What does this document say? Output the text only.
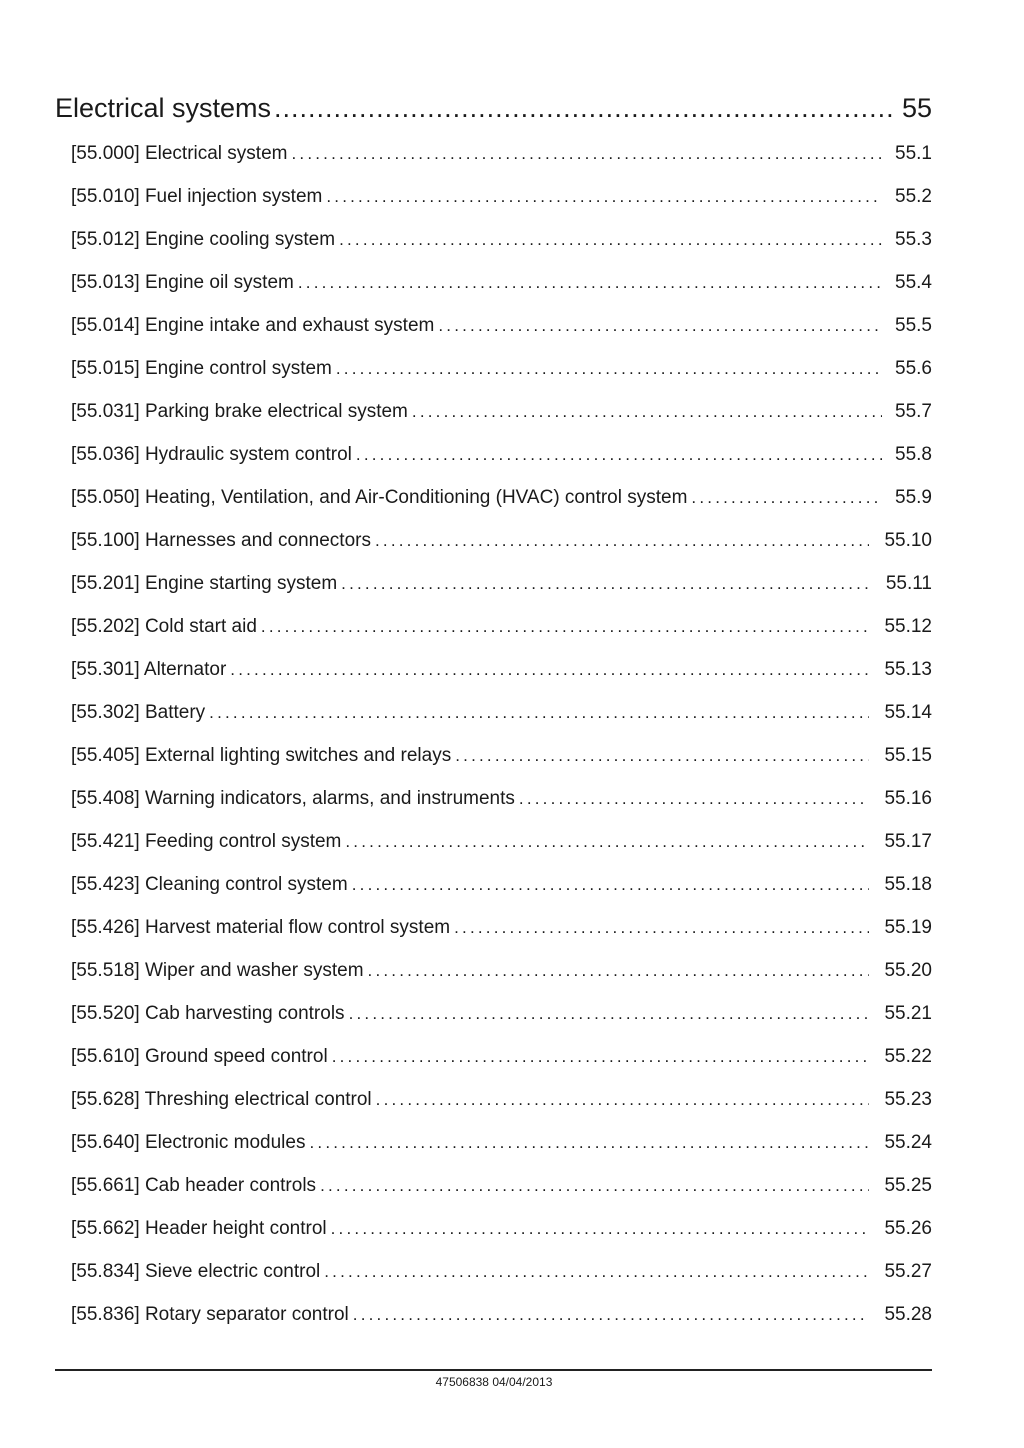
Electrical systems .....	55
[55.000] Electrical system .....	55.1
[55.010] Fuel injection system .....	55.2
[55.012] Engine cooling system .....	55.3
[55.013] Engine oil system .....	55.4
[55.014] Engine intake and exhaust system .....	55.5
[55.015] Engine control system .....	55.6
[55.031] Parking brake electrical system .....	55.7
[55.036] Hydraulic system control .....	55.8
[55.050] Heating, Ventilation, and Air-Conditioning (HVAC) control system .....	55.9
[55.100] Harnesses and connectors .....	55.10
[55.201] Engine starting system .....	55.11
[55.202] Cold start aid .....	55.12
[55.301] Alternator .....	55.13
[55.302] Battery .....	55.14
[55.405] External lighting switches and relays .....	55.15
[55.408] Warning indicators, alarms, and instruments .....	55.16
[55.421] Feeding control system .....	55.17
[55.423] Cleaning control system .....	55.18
[55.426] Harvest material flow control system .....	55.19
[55.518] Wiper and washer system .....	55.20
[55.520] Cab harvesting controls .....	55.21
[55.610] Ground speed control .....	55.22
[55.628] Threshing electrical control .....	55.23
[55.640] Electronic modules .....	55.24
[55.661] Cab header controls .....	55.25
[55.662] Header height control .....	55.26
[55.834] Sieve electric control .....	55.27
[55.836] Rotary separator control .....	55.28
47506838 04/04/2013
